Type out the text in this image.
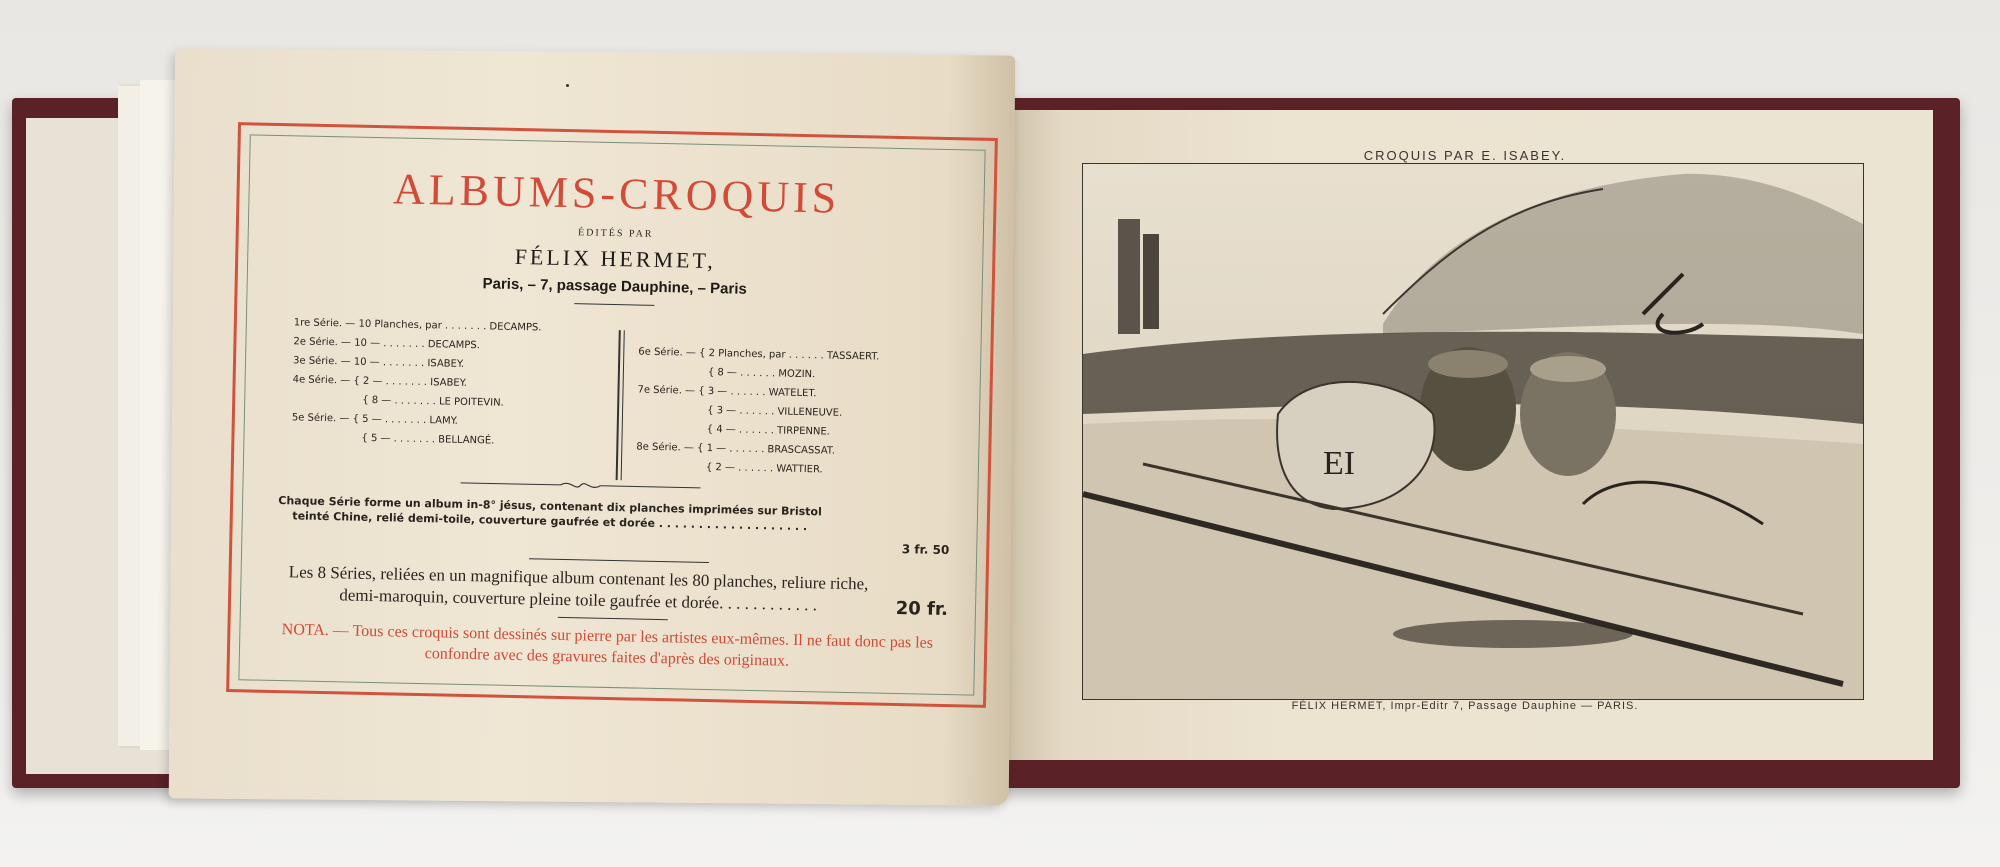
ALBUMS-CROQUIS
ÉDITÉS PAR
FÉLIX HERMET,
Paris, – 7, passage Dauphine, – Paris
1re Série. — 10 Planches, par . . . . . . . DECAMPS.
2e Série. — 10 — . . . . . . . DECAMPS.
3e Série. — 10 — . . . . . . . ISABEY.
4e Série. — { 2 — . . . . . . . ISABEY.
{ 8 — . . . . . . . LE POITEVIN.
5e Série. — { 5 — . . . . . . . LAMY.
{ 5 — . . . . . . . BELLANGÉ.
6e Série. — { 2 Planches, par . . . . . . TASSAERT.
{ 8 — . . . . . . MOZIN.
7e Série. — { 3 — . . . . . . WATELET.
{ 3 — . . . . . . VILLENEUVE.
{ 4 — . . . . . . TIRPENNE.
8e Série. — { 1 — . . . . . . BRASCASSAT.
{ 2 — . . . . . . WATTIER.
Chaque Série forme un album in-8° jésus, contenant dix planches imprimées sur Bristol teinté Chine, relié demi-toile, couverture gaufrée et dorée . . . . . . . . . . . . . . . . . . .
3 fr. 50
Les 8 Séries, reliées en un magnifique album contenant les 80 planches, reliure riche, demi-maroquin, couverture pleine toile gaufrée et dorée. . . . . . . . . . . .	20 fr.
NOTA. — Tous ces croquis sont dessinés sur pierre par les artistes eux-mêmes. Il ne faut donc pas les confondre avec des gravures faites d'après des originaux.
CROQUIS PAR E. ISABEY.
EI
FÉLIX HERMET, Impr-Editr 7, Passage Dauphine — PARIS.
